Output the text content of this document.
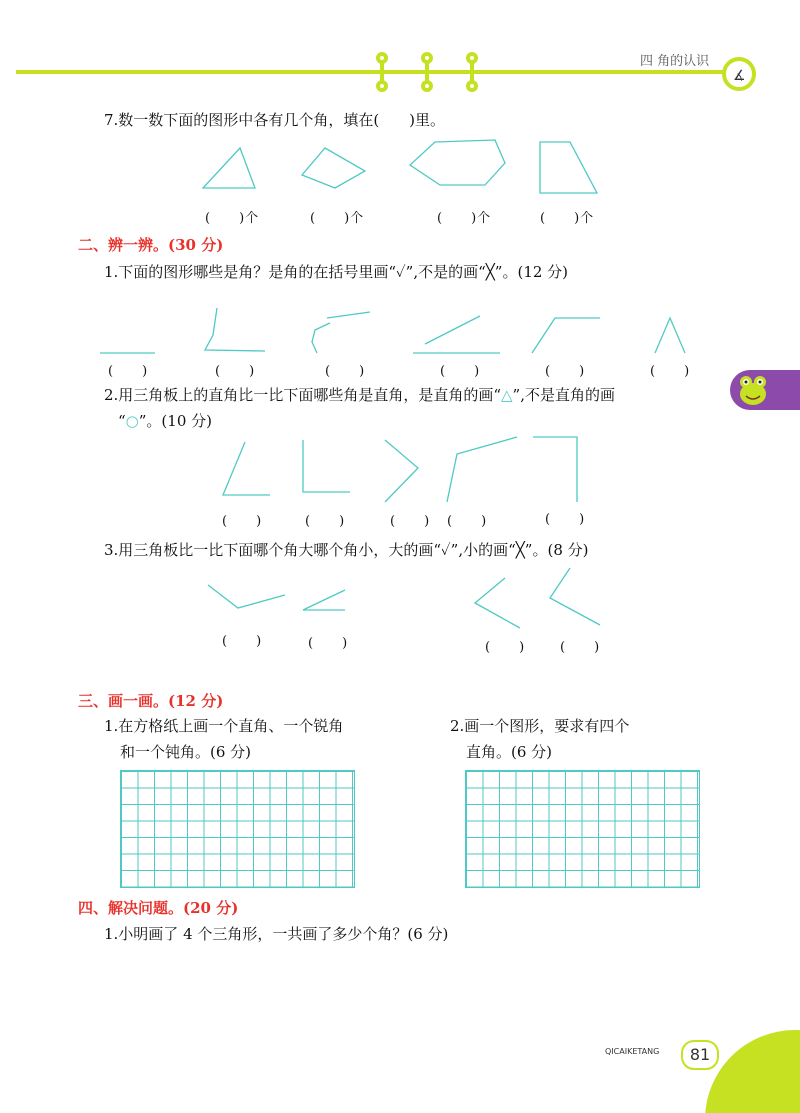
四 角的认识
∡
7.数一数下面的图形中各有几个角，填在(　　)里。
(　　)个	(　　)个	(　　)个	(　　)个
二、辨一辨。(30 分)
1.下面的图形哪些是角？是角的在括号里画“✓”,不是的画“╳”。(12 分)
(　　)	(　　)	(　　)	(　　)	(　　)	(　　)
2.用三角板上的直角比一比下面哪些角是直角，是直角的画“△”,不是直角的画
“○”。(10 分)
(　　)	(　　)	(　　) (　　)	(　　)
3.用三角板比一比下面哪个角大哪个角小，大的画“✓”,小的画“╳”。(8 分)
(　　)	(　　)	(　　)	(　　)
三、画一画。(12 分)
1.在方格纸上画一个直角、一个锐角
和一个钝角。(6 分)
2.画一个图形，要求有四个
直角。(6 分)
四、解决问题。(20 分)
1.小明画了 4 个三角形，一共画了多少个角？(6 分)
QICAIKETANG	81
